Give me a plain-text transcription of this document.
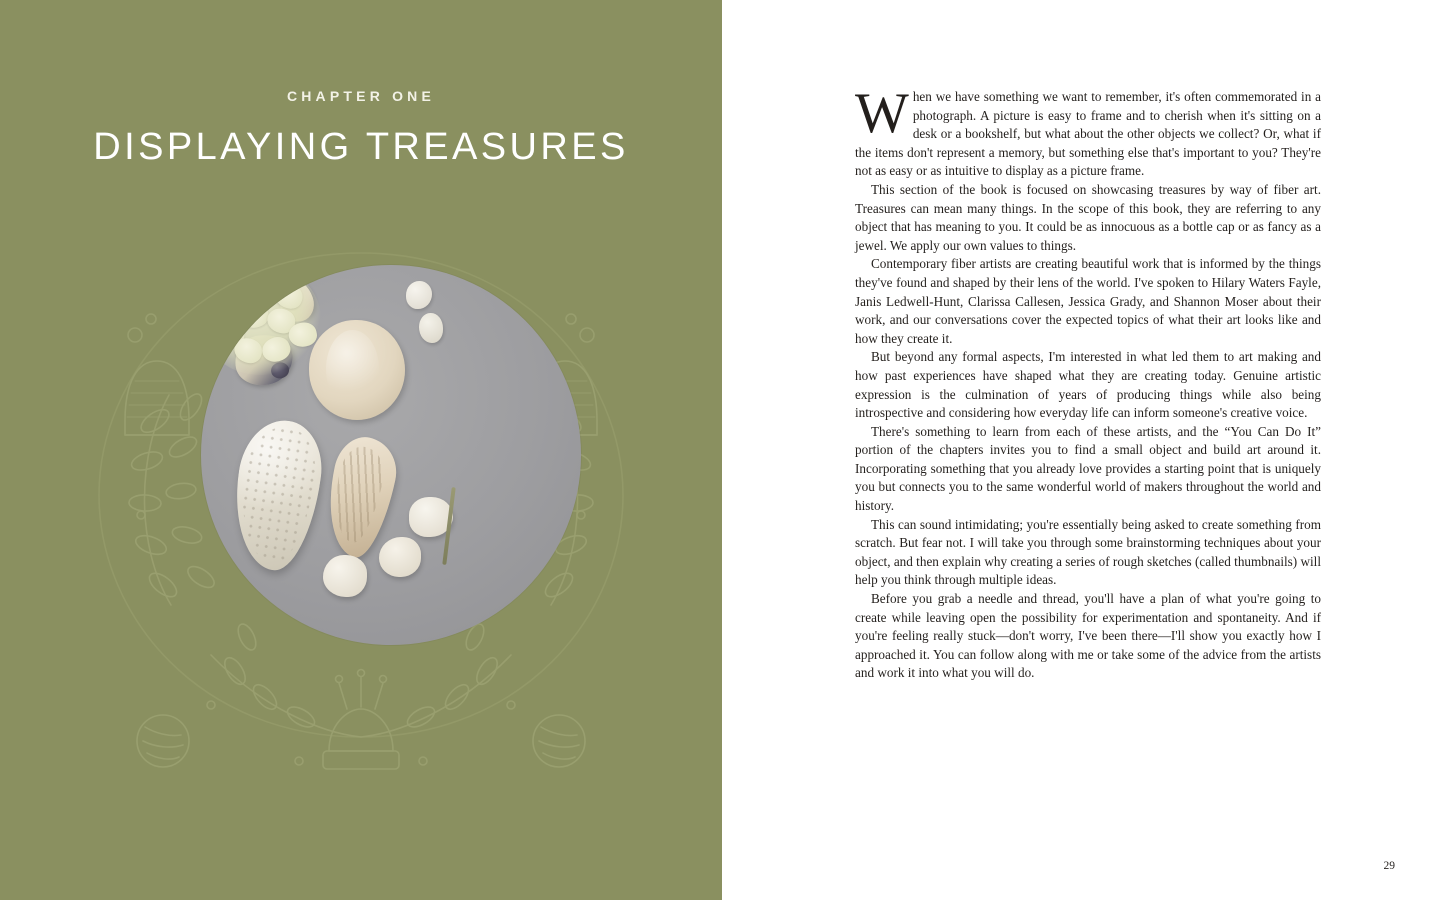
CHAPTER ONE
DISPLAYING TREASURES

When we have something we want to remember, it's often commemorated in a photograph. A picture is easy to frame and to cherish when it's sitting on a desk or a bookshelf, but what about the other objects we collect? Or, what if the items don't represent a memory, but something else that's important to you? They're not as easy or as intuitive to display as a picture frame.

This section of the book is focused on showcasing treasures by way of fiber art. Treasures can mean many things. In the scope of this book, they are referring to any object that has meaning to you. It could be as innocuous as a bottle cap or as fancy as a jewel. We apply our own values to things.

Contemporary fiber artists are creating beautiful work that is informed by the things they've found and shaped by their lens of the world. I've spoken to Hilary Waters Fayle, Janis Ledwell-Hunt, Clarissa Callesen, Jessica Grady, and Shannon Moser about their work, and our conversations cover the expected topics of what their art looks like and how they create it.

But beyond any formal aspects, I'm interested in what led them to art making and how past experiences have shaped what they are creating today. Genuine artistic expression is the culmination of years of producing things while also being introspective and considering how everyday life can inform someone's creative voice.

There's something to learn from each of these artists, and the “You Can Do It” portion of the chapters invites you to find a small object and build art around it. Incorporating something that you already love provides a starting point that is uniquely you but connects you to the same wonderful world of makers throughout the world and history.

This can sound intimidating; you're essentially being asked to create something from scratch. But fear not. I will take you through some brainstorming techniques about your object, and then explain why creating a series of rough sketches (called thumbnails) will help you think through multiple ideas.

Before you grab a needle and thread, you'll have a plan of what you're going to create while leaving open the possibility for experimentation and spontaneity. And if you're feeling really stuck—don't worry, I've been there—I'll show you exactly how I approached it. You can follow along with me or take some of the advice from the artists and work it into what you will do.

29
